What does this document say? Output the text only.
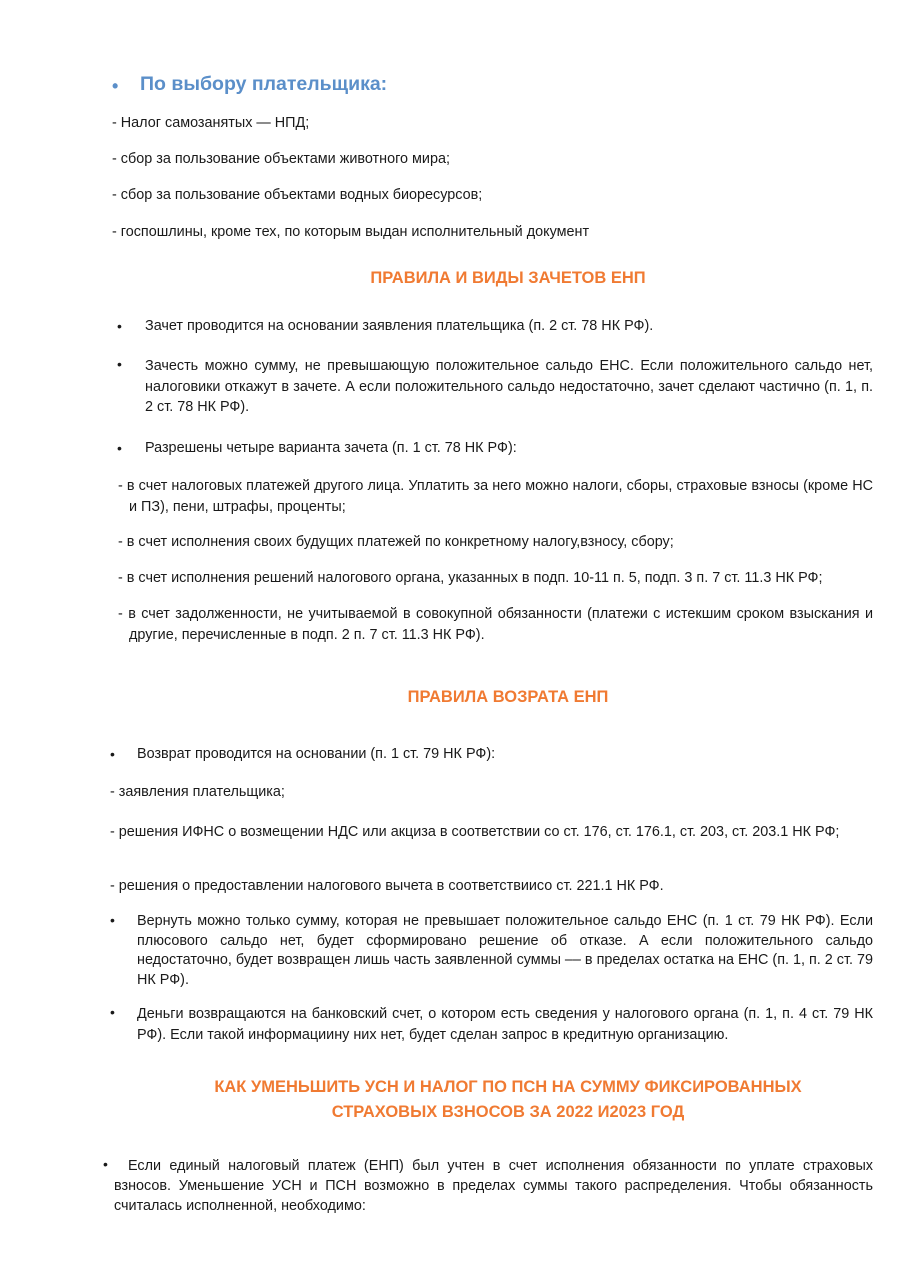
• По выбору плательщика:
- Налог самозанятых — НПД;
- сбор за пользование объектами животного мира;
- сбор за пользование объектами водных биоресурсов;
- госпошлины, кроме тех, по которым выдан исполнительный документ
ПРАВИЛА И ВИДЫ ЗАЧЕТОВ ЕНП
• Зачет проводится на основании заявления плательщика (п. 2 ст. 78 НК РФ).
• Зачесть можно сумму, не превышающую положительное сальдо ЕНС. Если положительного сальдо нет, налоговики откажут в зачете. А если положительного сальдо недостаточно, зачет сделают частично (п. 1, п. 2 ст. 78 НК РФ).
• Разрешены четыре варианта зачета (п. 1 ст. 78 НК РФ):
- в счет налоговых платежей другого лица. Уплатить за него можно налоги, сборы, страховые взносы (кроме НС и ПЗ), пени, штрафы, проценты;
- в счет исполнения своих будущих платежей по конкретному налогу,взносу, сбору;
- в счет исполнения решений налогового органа, указанных в подп. 10-11 п. 5, подп. 3 п. 7 ст. 11.3 НК РФ;
- в счет задолженности, не учитываемой в совокупной обязанности (платежи с истекшим сроком взыскания и другие, перечисленные в подп. 2 п. 7 ст. 11.3 НК РФ).
ПРАВИЛА ВОЗРАТА ЕНП
• Возврат проводится на основании (п. 1 ст. 79 НК РФ):
- заявления плательщика;
- решения ИФНС о возмещении НДС или акциза в соответствии со ст. 176, ст. 176.1, ст. 203, ст. 203.1 НК РФ;
- решения о предоставлении налогового вычета в соответствиисо ст. 221.1 НК РФ.
• Вернуть можно только сумму, которая не превышает положительное сальдо ЕНС (п. 1 ст. 79 НК РФ). Если плюсового сальдо нет, будет сформировано решение об отказе. А если положительного сальдо недостаточно, будет возвращен лишь часть заявленной суммы –– в пределах остатка на ЕНС (п. 1, п. 2 ст. 79 НК РФ).
• Деньги возвращаются на банковский счет, о котором есть сведения у налогового органа (п. 1, п. 4 ст. 79 НК РФ). Если такой информациину них нет, будет сделан запрос в кредитную организацию.
КАК УМЕНЬШИТЬ УСН И НАЛОГ ПО ПСН НА СУММУ ФИКСИРОВАННЫХ
СТРАХОВЫХ ВЗНОСОВ ЗА 2022 И2023 ГОД
•	Если единый налоговый платеж (ЕНП) был учтен в счет исполнения обязанности по уплате страховых взносов. Уменьшение УСН и ПСН возможно в пределах суммы такого распределения. Чтобы обязанность считалась исполненной, необходимо:
